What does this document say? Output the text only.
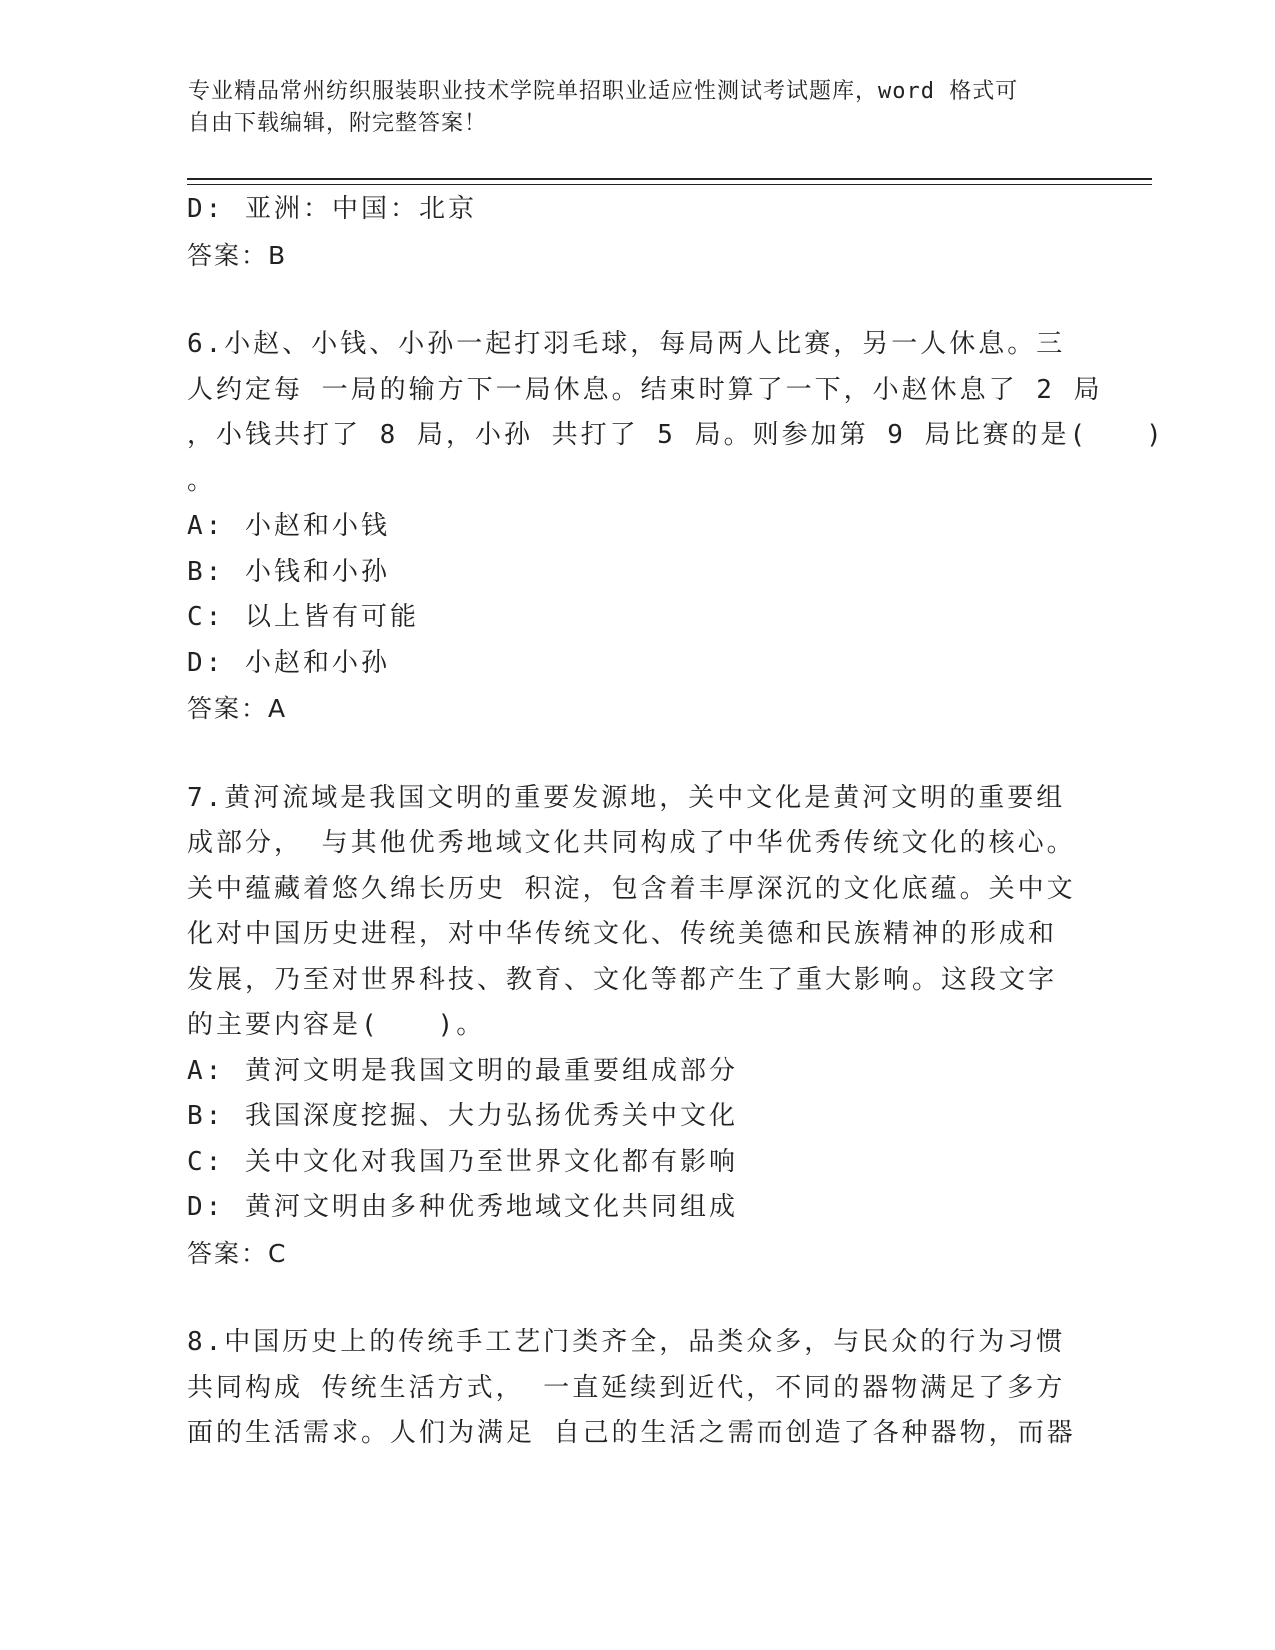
专业精品常州纺织服装职业技术学院单招职业适应性测试考试题库，word 格式可
自由下载编辑，附完整答案！
D: 亚洲：中国：北京
答案：B
6.小赵、小钱、小孙一起打羽毛球，每局两人比赛，另一人休息。三
人约定每 一局的输方下一局休息。结束时算了一下，小赵休息了 2 局
，小钱共打了 8 局，小孙 共打了 5 局。则参加第 9 局比赛的是(　　)
。
A: 小赵和小钱
B: 小钱和小孙
C: 以上皆有可能
D: 小赵和小孙
答案：A
7.黄河流域是我国文明的重要发源地，关中文化是黄河文明的重要组
成部分， 与其他优秀地域文化共同构成了中华优秀传统文化的核心。
关中蕴藏着悠久绵长历史 积淀，包含着丰厚深沉的文化底蕴。关中文
化对中国历史进程，对中华传统文化、传统美德和民族精神的形成和
发展，乃至对世界科技、教育、文化等都产生了重大影响。这段文字
的主要内容是(　　)。
A: 黄河文明是我国文明的最重要组成部分
B: 我国深度挖掘、大力弘扬优秀关中文化
C: 关中文化对我国乃至世界文化都有影响
D: 黄河文明由多种优秀地域文化共同组成
答案：C
8.中国历史上的传统手工艺门类齐全，品类众多，与民众的行为习惯
共同构成 传统生活方式， 一直延续到近代，不同的器物满足了多方
面的生活需求。人们为满足 自己的生活之需而创造了各种器物，而器
